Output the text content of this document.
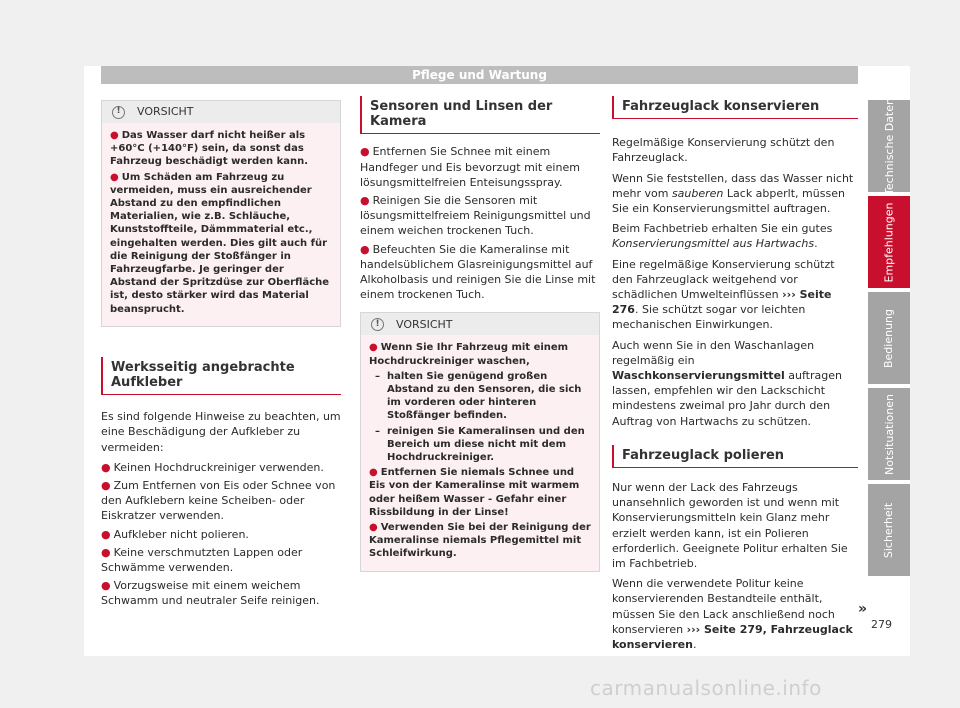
Pflege und Wartung
!	VORSICHT

● Das Wasser darf nicht heißer als +60°C (+140°F) sein, da sonst das Fahrzeug beschädigt werden kann.

● Um Schäden am Fahrzeug zu vermeiden, muss ein ausreichender Abstand zu den empfindlichen Materialien, wie z.B. Schläuche, Kunststoffteile, Dämmmaterial etc., eingehalten werden. Dies gilt auch für die Reinigung der Stoßfänger in Fahrzeugfarbe. Je geringer der Abstand der Spritzdüse zur Oberfläche ist, desto stärker wird das Material beansprucht.

Werksseitig angebrachte Aufkleber

Es sind folgende Hinweise zu beachten, um eine Beschädigung der Aufkleber zu vermeiden:

● Keinen Hochdruckreiniger verwenden.

● Zum Entfernen von Eis oder Schnee von den Aufklebern keine Scheiben- oder Eiskratzer verwenden.

● Aufkleber nicht polieren.

● Keine verschmutzten Lappen oder Schwämme verwenden.

● Vorzugsweise mit einem weichem Schwamm und neutraler Seife reinigen.

Sensoren und Linsen der Kamera

● Entfernen Sie Schnee mit einem Handfeger und Eis bevorzugt mit einem lösungsmittelfreien Enteisungsspray.

● Reinigen Sie die Sensoren mit lösungsmittelfreiem Reinigungsmittel und einem weichen trockenen Tuch.

● Befeuchten Sie die Kameralinse mit handelsüblichem Glasreinigungsmittel auf Alkoholbasis und reinigen Sie die Linse mit einem trockenen Tuch.

!	VORSICHT

● Wenn Sie Ihr Fahrzeug mit einem Hochdruckreiniger waschen,

–  halten Sie genügend großen Abstand zu den Sensoren, die sich im vorderen oder hinteren Stoßfänger befinden.
–  reinigen Sie Kameralinsen und den Bereich um diese nicht mit dem Hochdruckreiniger.

● Entfernen Sie niemals Schnee und Eis von der Kameralinse mit warmem oder heißem Wasser - Gefahr einer Rissbildung in der Linse!

● Verwenden Sie bei der Reinigung der Kameralinse niemals Pflegemittel mit Schleifwirkung.

Fahrzeuglack konservieren

Regelmäßige Konservierung schützt den Fahrzeuglack.

Wenn Sie feststellen, dass das Wasser nicht mehr vom sauberen Lack abperlt, müssen Sie ein Konservierungsmittel auftragen.

Beim Fachbetrieb erhalten Sie ein gutes Konservierungsmittel aus Hartwachs.

Eine regelmäßige Konservierung schützt den Fahrzeuglack weitgehend vor schädlichen Umwelteinflüssen ››› Seite 276. Sie schützt sogar vor leichten mechanischen Einwirkungen.

Auch wenn Sie in den Waschanlagen regelmäßig ein Waschkonservierungsmittel auftragen lassen, empfehlen wir den Lackschicht mindestens zweimal pro Jahr durch den Auftrag von Hartwachs zu schützen.

Fahrzeuglack polieren

Nur wenn der Lack des Fahrzeugs unansehnlich geworden ist und wenn mit Konservierungsmitteln kein Glanz mehr erzielt werden kann, ist ein Polieren erforderlich. Geeignete Politur erhalten Sie im Fachbetrieb.

Wenn die verwendete Politur keine konservierenden Bestandteile enthält, müssen Sie den Lack anschließend noch konservieren ››› Seite 279, Fahrzeuglack konservieren.

Technische Daten
Empfehlungen
Bedienung
Notsituationen
Sicherheit
»
279
carmanualsonline.info
